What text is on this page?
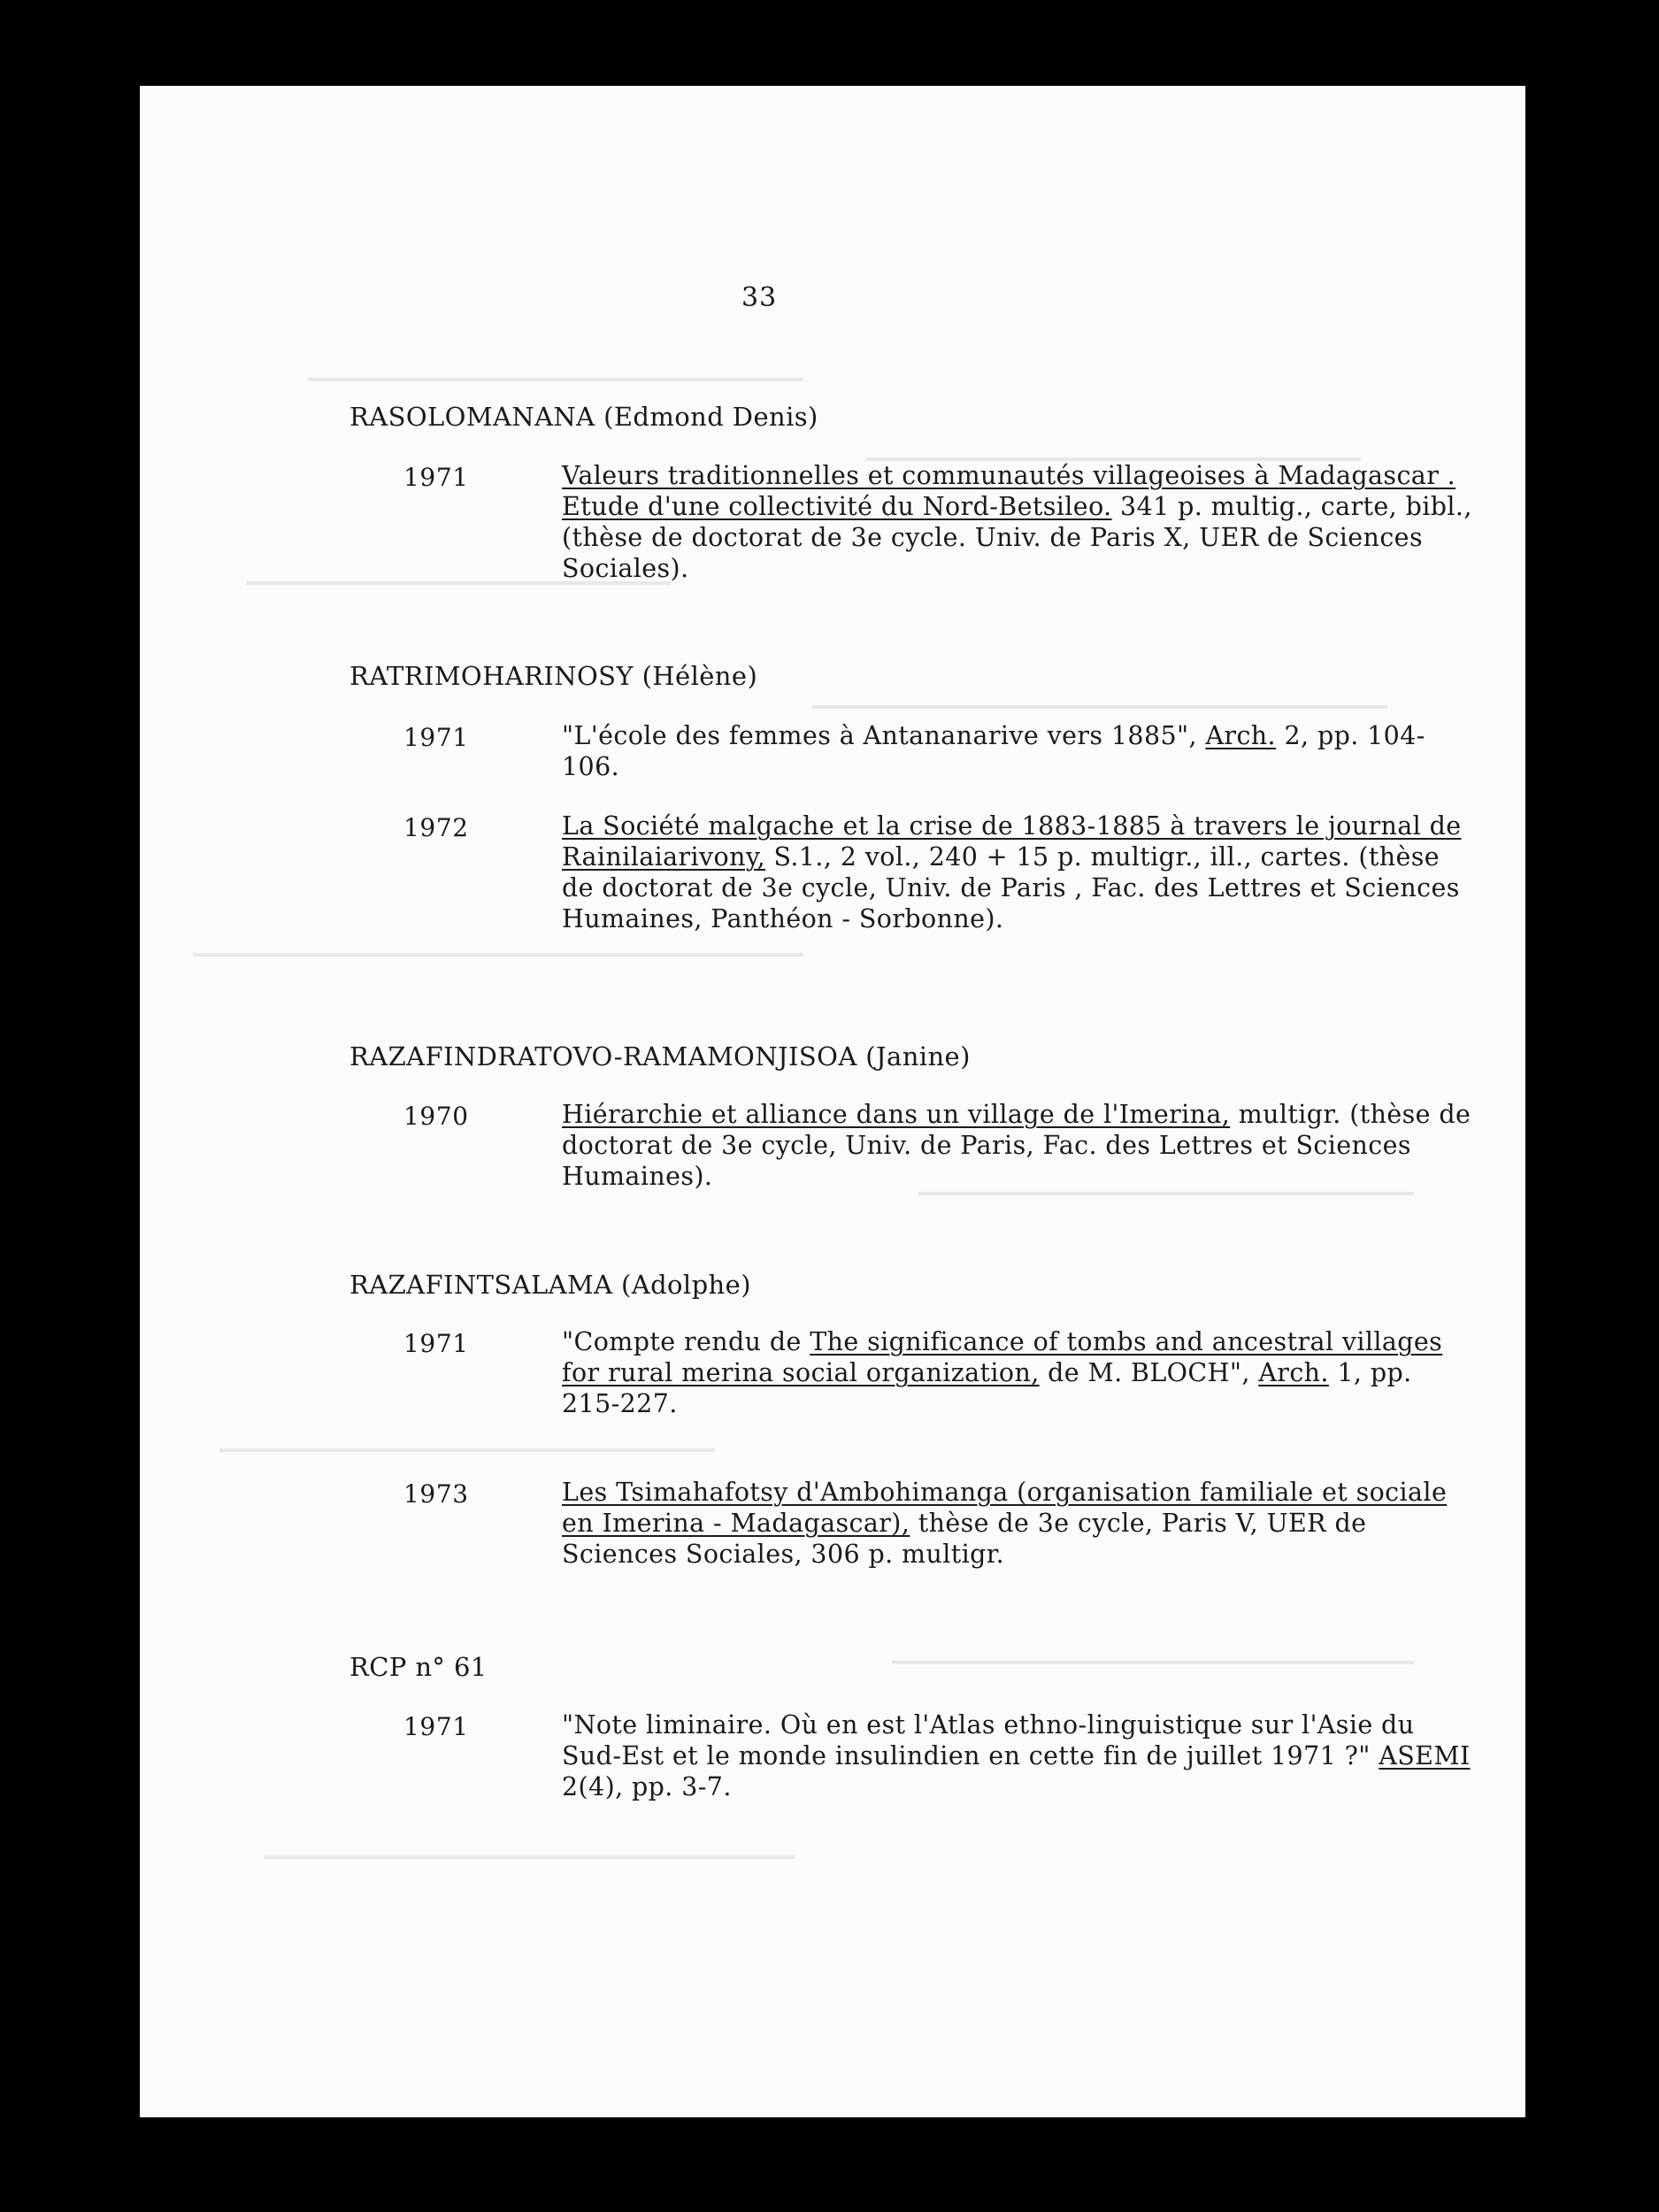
33
RASOLOMANANA (Edmond Denis)
1971	Valeurs traditionnelles et communautés villageoises à Madagascar . Etude d'une collectivité du Nord-Betsileo. 341 p. multig., carte, bibl., (thèse de doctorat de 3e cycle. Univ. de Paris X, UER de Sciences Sociales).
RATRIMOHARINOSY (Hélène)
1971	"L'école des femmes à Antananarive vers 1885", Arch. 2, pp. 104-106.
1972	La Société malgache et la crise de 1883-1885 à travers le journal de Rainilaiarivony, S.1., 2 vol., 240 + 15 p. multigr., ill., cartes. (thèse de doctorat de 3e cycle, Univ. de Paris , Fac. des Lettres et Sciences Humaines, Panthéon - Sorbonne).
RAZAFINDRATOVO-RAMAMONJISOA (Janine)
1970	Hiérarchie et alliance dans un village de l'Imerina, multigr. (thèse de doctorat de 3e cycle, Univ. de Paris, Fac. des Lettres et Sciences Humaines).
RAZAFINTSALAMA (Adolphe)
1971	"Compte rendu de The significance of tombs and ancestral villages for rural merina social organization, de M. BLOCH", Arch. 1, pp. 215-227.
1973	Les Tsimahafotsy d'Ambohimanga (organisation familiale et sociale en Imerina - Madagascar), thèse de 3e cycle, Paris V, UER de Sciences Sociales, 306 p. multigr.
RCP n° 61
1971	"Note liminaire. Où en est l'Atlas ethno-linguistique sur l'Asie du Sud-Est et le monde insulindien en cette fin de juillet 1971 ?" ASEMI 2(4), pp. 3-7.
